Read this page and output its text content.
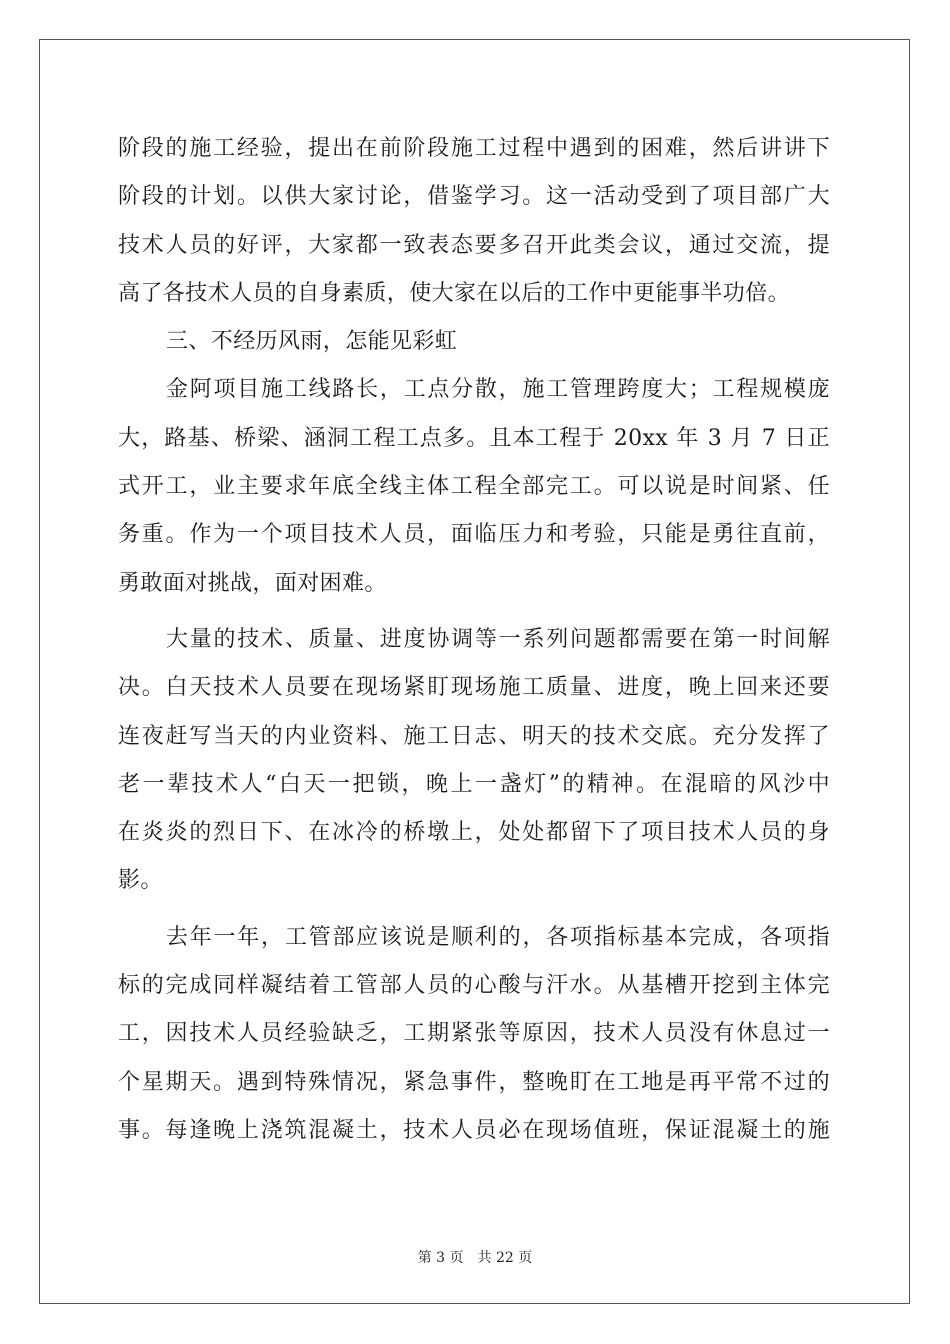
阶段的施工经验，提出在前阶段施工过程中遇到的困难，然后讲讲下
阶段的计划。以供大家讨论，借鉴学习。这一活动受到了项目部广大
技术人员的好评，大家都一致表态要多召开此类会议，通过交流，提
高了各技术人员的自身素质，使大家在以后的工作中更能事半功倍。
三、不经历风雨，怎能见彩虹
金阿项目施工线路长，工点分散，施工管理跨度大；工程规模庞
大，路基、桥梁、涵洞工程工点多。且本工程于 20xx 年 3 月 7 日正
式开工，业主要求年底全线主体工程全部完工。可以说是时间紧、任
务重。作为一个项目技术人员，面临压力和考验，只能是勇往直前，
勇敢面对挑战，面对困难。
大量的技术、质量、进度协调等一系列问题都需要在第一时间解
决。白天技术人员要在现场紧盯现场施工质量、进度，晚上回来还要
连夜赶写当天的内业资料、施工日志、明天的技术交底。充分发挥了
老一辈技术人“白天一把锁，晚上一盏灯”的精神。在混暗的风沙中
在炎炎的烈日下、在冰冷的桥墩上，处处都留下了项目技术人员的身
影。
去年一年，工管部应该说是顺利的，各项指标基本完成，各项指
标的完成同样凝结着工管部人员的心酸与汗水。从基槽开挖到主体完
工，因技术人员经验缺乏，工期紧张等原因，技术人员没有休息过一
个星期天。遇到特殊情况，紧急事件，整晚盯在工地是再平常不过的
事。每逢晚上浇筑混凝土，技术人员必在现场值班，保证混凝土的施
第 3 页 共 22 页
